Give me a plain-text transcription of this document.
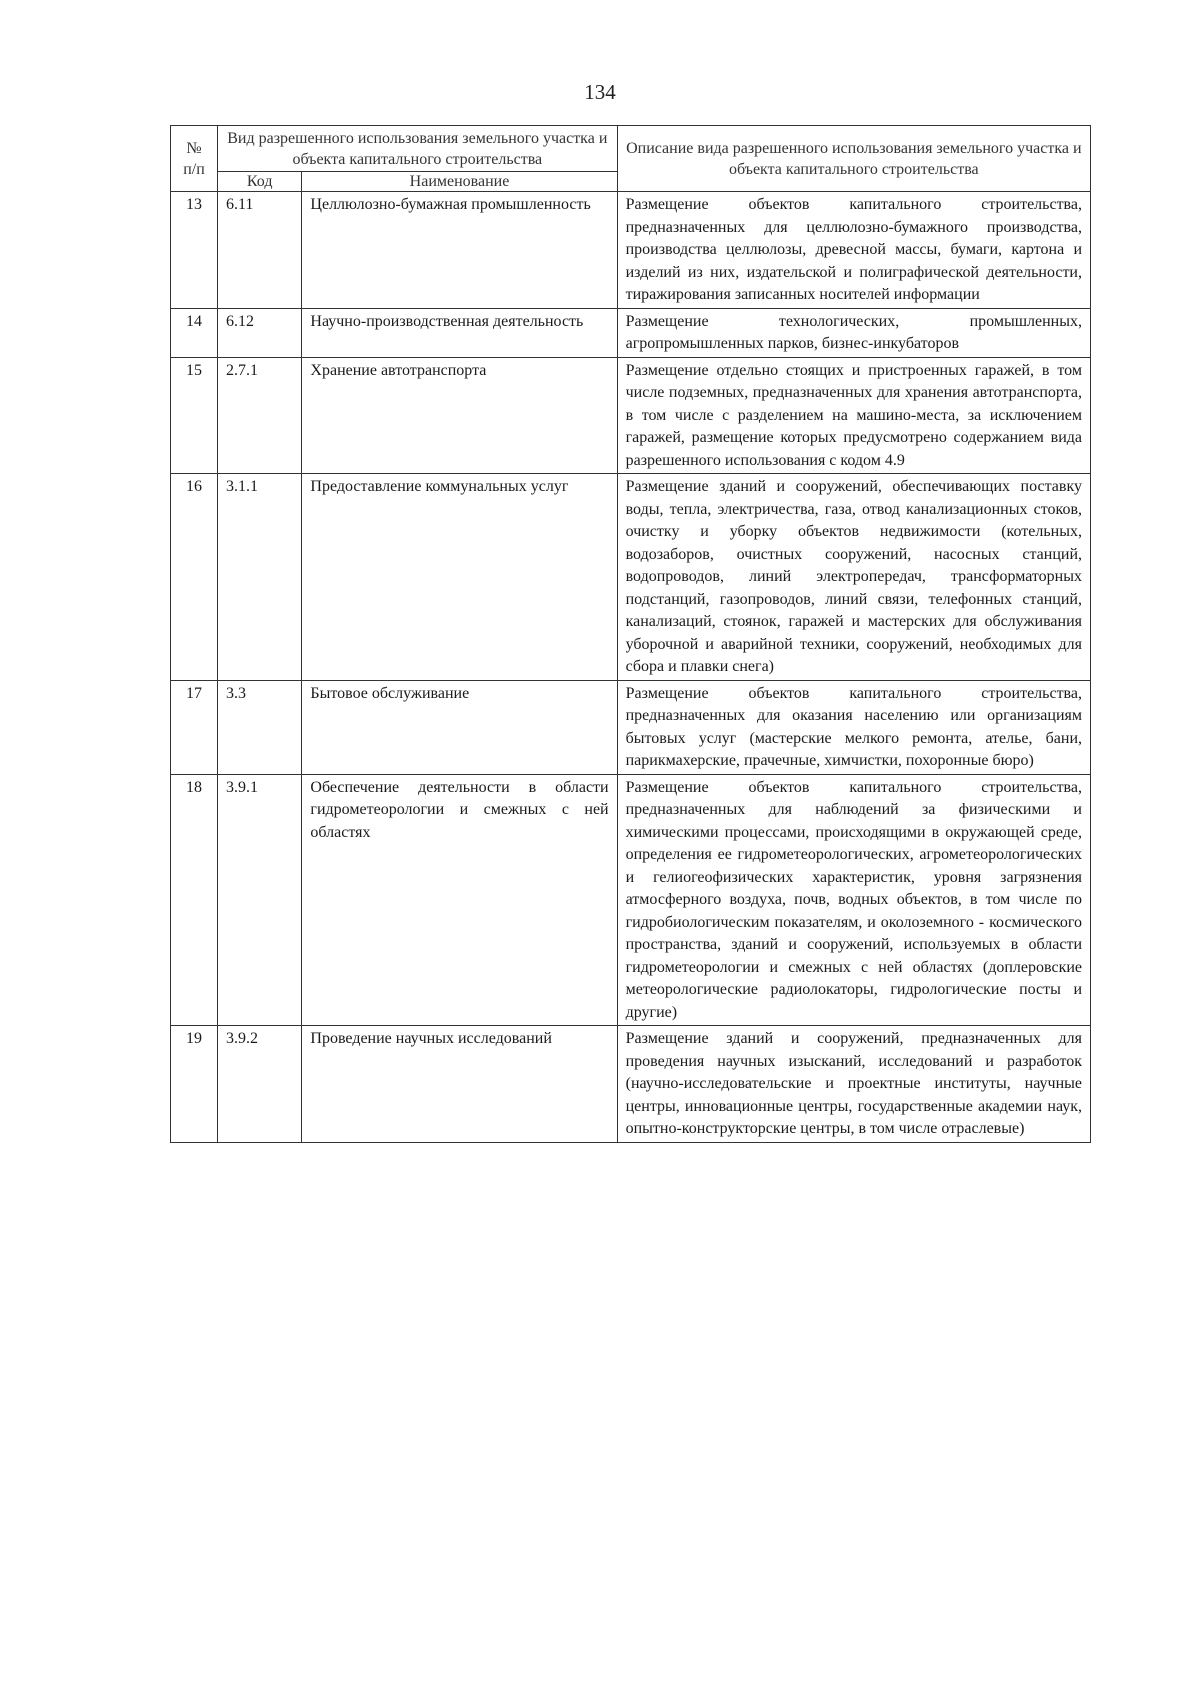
134
№ п/п	Вид разрешенного использования земельного участка и объекта капитального строительства		Описание вида разрешенного использования земельного участка и объекта капитального строительства
	Код	Наименование	
13	6.11	Целлюлозно-бумажная промышленность	Размещение объектов капитального строительства, предназначенных для целлюлозно-бумажного производства, производства целлюлозы, древесной массы, бумаги, картона и изделий из них, издательской и полиграфической деятельности, тиражирования записанных носителей информации
14	6.12	Научно-производственная деятельность	Размещение технологических, промышленных, агропромышленных парков, бизнес-инкубаторов
15	2.7.1	Хранение автотранспорта	Размещение отдельно стоящих и пристроенных гаражей, в том числе подземных, предназначенных для хранения автотранспорта, в том числе с разделением на машино-места, за исключением гаражей, размещение которых предусмотрено содержанием вида разрешенного использования с кодом 4.9
16	3.1.1	Предоставление коммунальных услуг	Размещение зданий и сооружений, обеспечивающих поставку воды, тепла, электричества, газа, отвод канализационных стоков, очистку и уборку объектов недвижимости (котельных, водозаборов, очистных сооружений, насосных станций, водопроводов, линий электропередач, трансформаторных подстанций, газопроводов, линий связи, телефонных станций, канализаций, стоянок, гаражей и мастерских для обслуживания уборочной и аварийной техники, сооружений, необходимых для сбора и плавки снега)
17	3.3	Бытовое обслуживание	Размещение объектов капитального строительства, предназначенных для оказания населению или организациям бытовых услуг (мастерские мелкого ремонта, ателье, бани, парикмахерские, прачечные, химчистки, похоронные бюро)
18	3.9.1	Обеспечение деятельности в области гидрометеорологии и смежных с ней областях	Размещение объектов капитального строительства, предназначенных для наблюдений за физическими и химическими процессами, происходящими в окружающей среде, определения ее гидрометеорологических, агрометеорологических и гелиогеофизических характеристик, уровня загрязнения атмосферного воздуха, почв, водных объектов, в том числе по гидробиологическим показателям, и околоземного - космического пространства, зданий и сооружений, используемых в области гидрометеорологии и смежных с ней областях (доплеровские метеорологические радиолокаторы, гидрологические посты и другие)
19	3.9.2	Проведение научных исследований	Размещение зданий и сооружений, предназначенных для проведения научных изысканий, исследований и разработок (научно-исследовательские и проектные институты, научные центры, инновационные центры, государственные академии наук, опытно-конструкторские центры, в том числе отраслевые)
